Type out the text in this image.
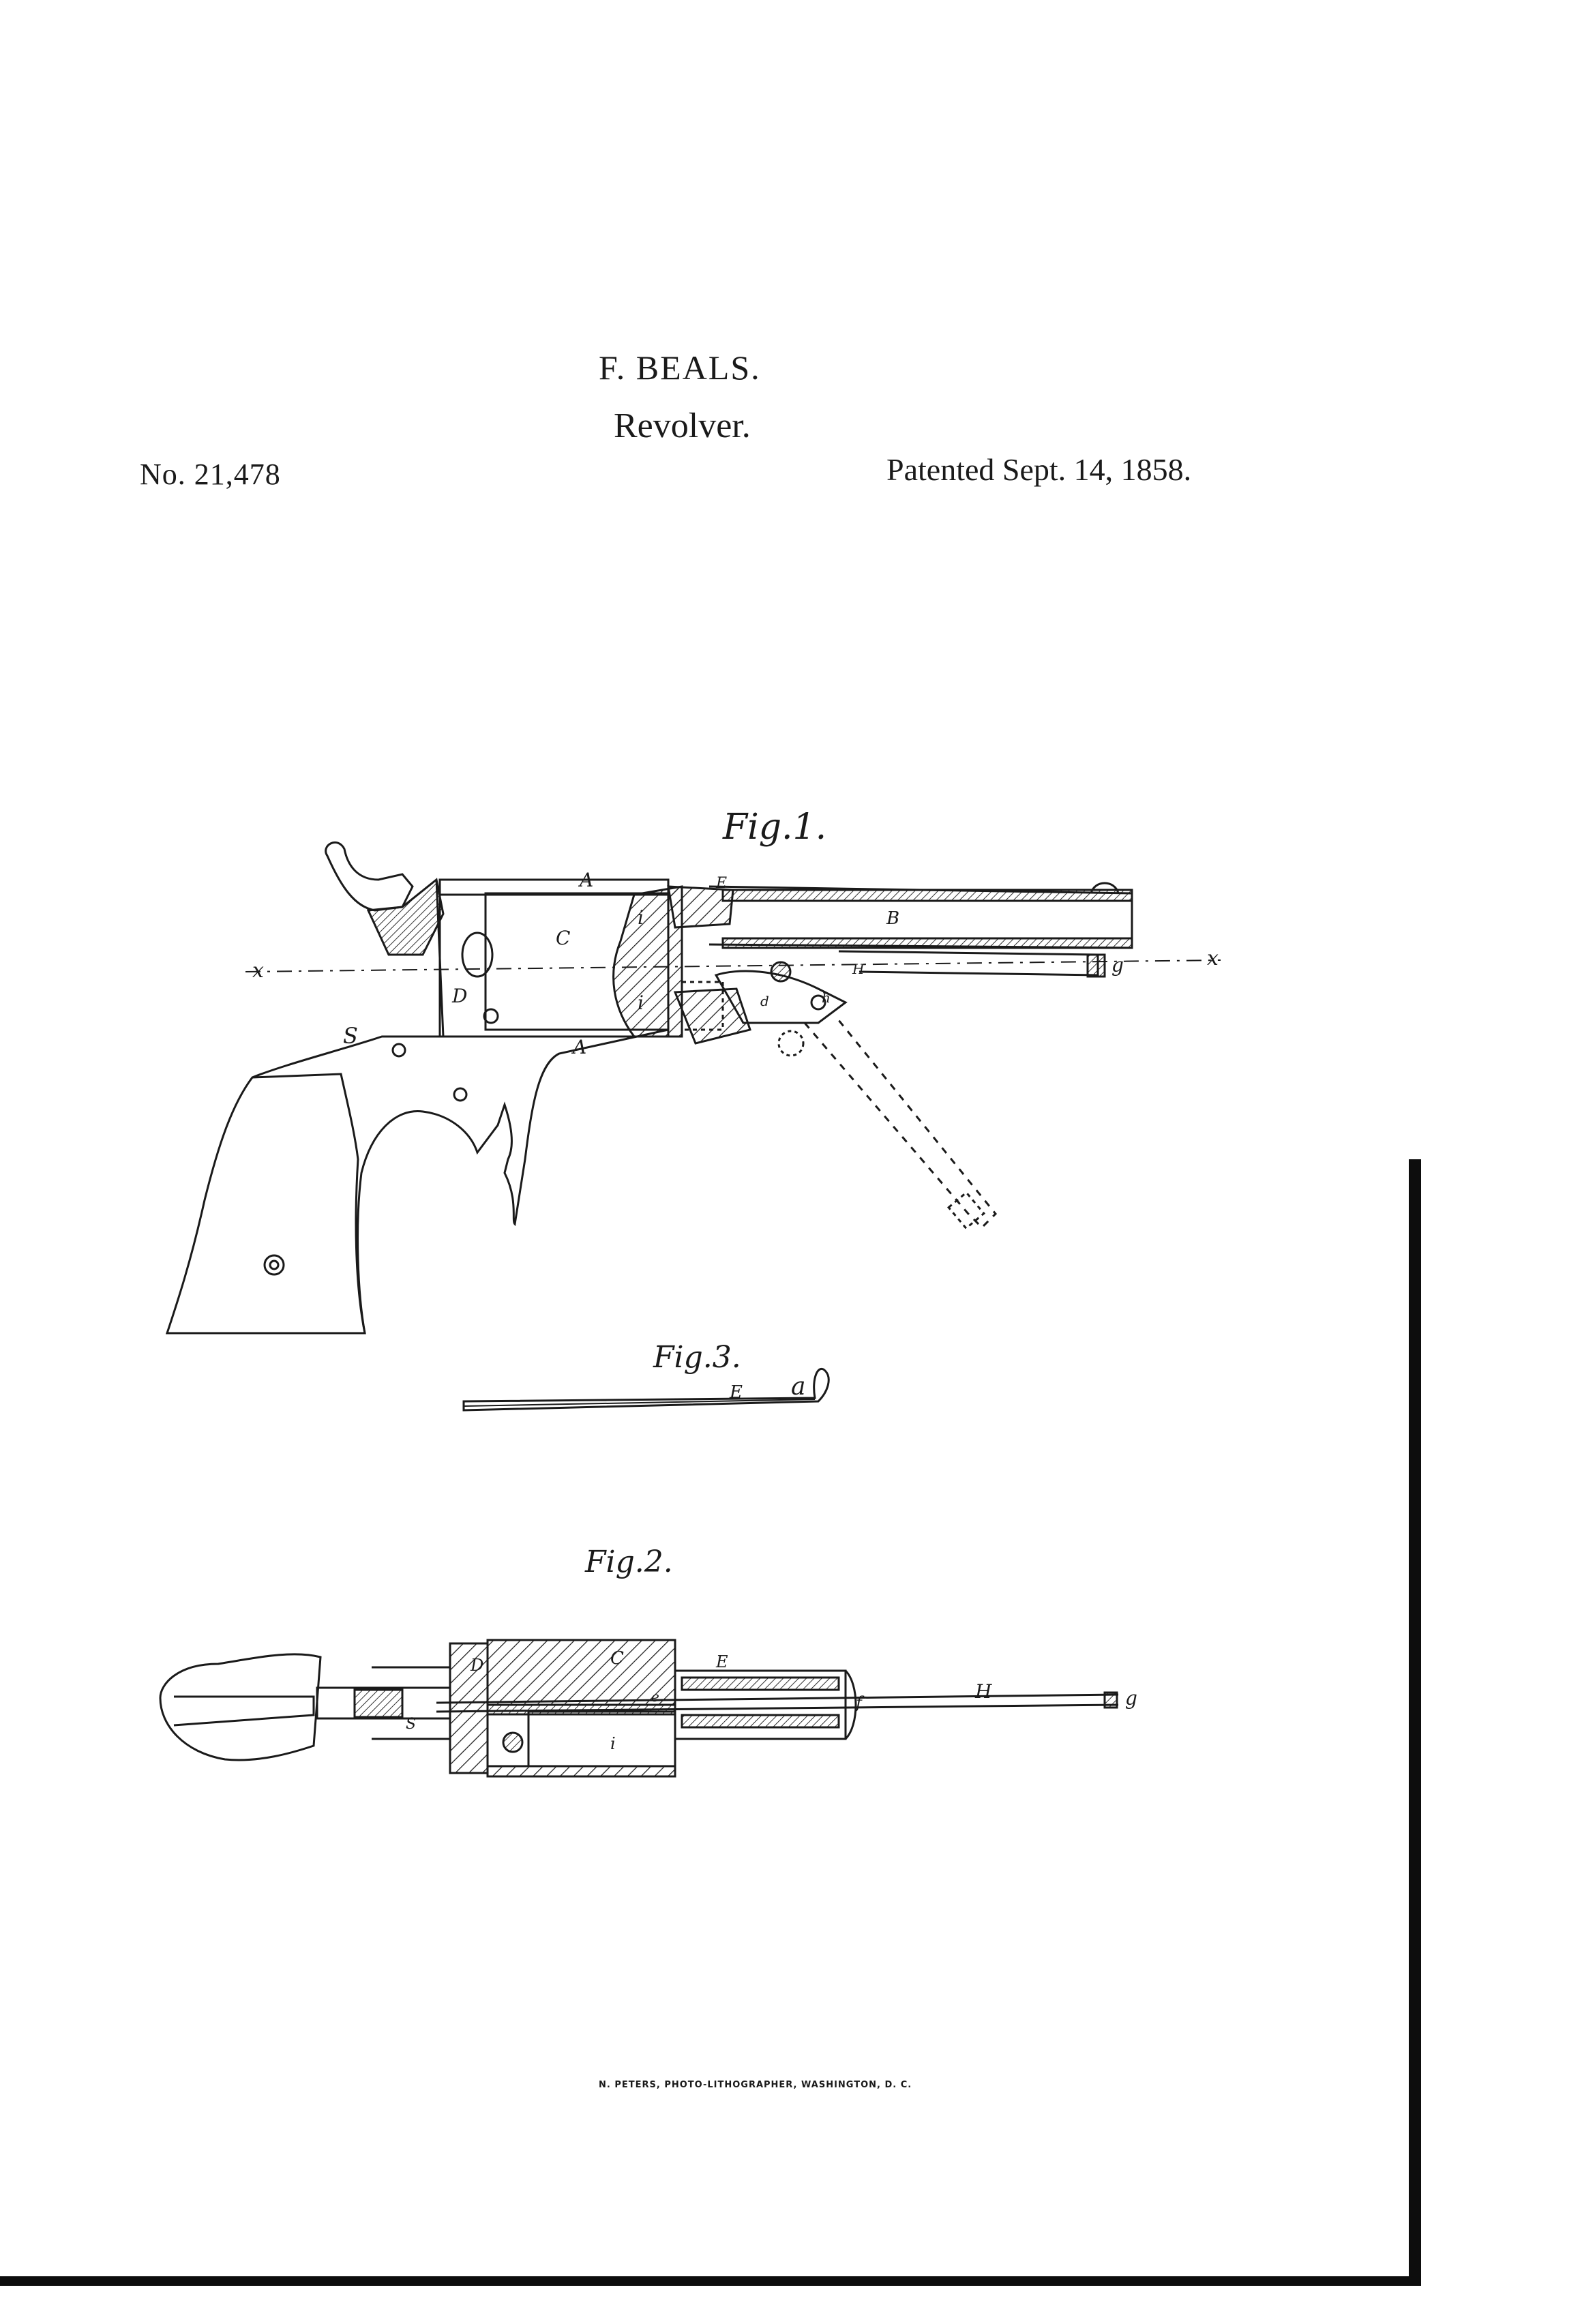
F. BEALS.
Revolver.
No. 21,478	Patented Sept. 14, 1858.
Fig.1.
x
x
A
A
C
D
S
B
i
i
E
H	g
h
d
Fig.3.
E a
Fig.2.
D	C	E
f	H	g
i
S
e
N. PETERS, PHOTO-LITHOGRAPHER, WASHINGTON, D. C.
